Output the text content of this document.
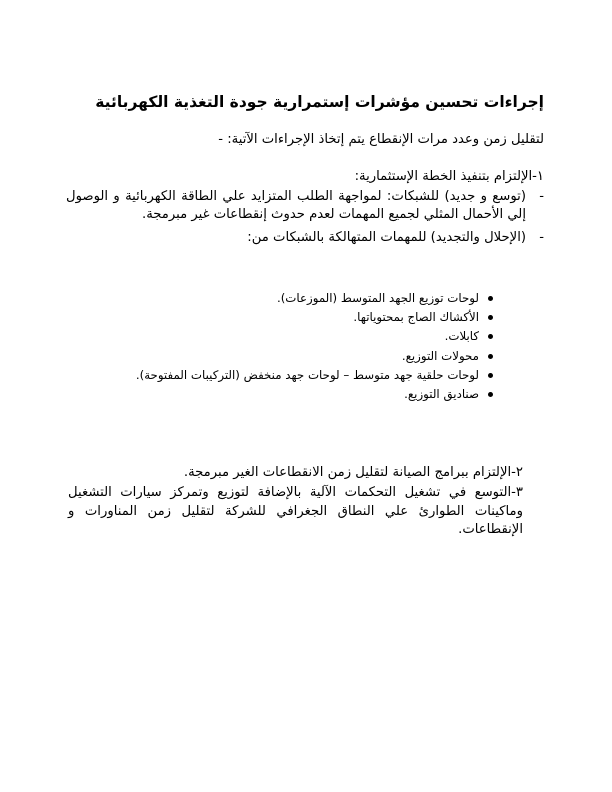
إجراءات تحسين مؤشرات إستمرارية جودة التغذية الكهربائية

لتقليل زمن وعدد مرات الإنقطاع يتم إتخاذ الإجراءات الآتية: -

١-الإلتزام بتنفيذ الخطة الإستثمارية:

-
(توسع و جديد) للشبكات: لمواجهة الطلب المتزايد علي الطاقة الكهربائية و الوصول إلي الأحمال المثلي لجميع المهمات لعدم حدوث إنقطاعات غير مبرمجة.
-
(الإحلال والتجديد) للمهمات المتهالكة بالشبكات من:
لوحات توزيع الجهد المتوسط (الموزعات).
الأكشاك الصاج بمحتوياتها.
كابلات.
محولات التوزيع.
لوحات حلقية جهد متوسط – لوحات جهد منخفض (التركيبات المفتوحة).
صناديق التوزيع.

٢-الإلتزام ببرامج الصيانة لتقليل زمن الانقطاعات الغير مبرمجة.

٣-التوسع في تشغيل التحكمات الآلية بالإضافة لتوزيع وتمركز سيارات التشغيل وماكينات الطوارئ علي النطاق الجغرافي للشركة لتقليل زمن المناورات و الإنقطاعات.
